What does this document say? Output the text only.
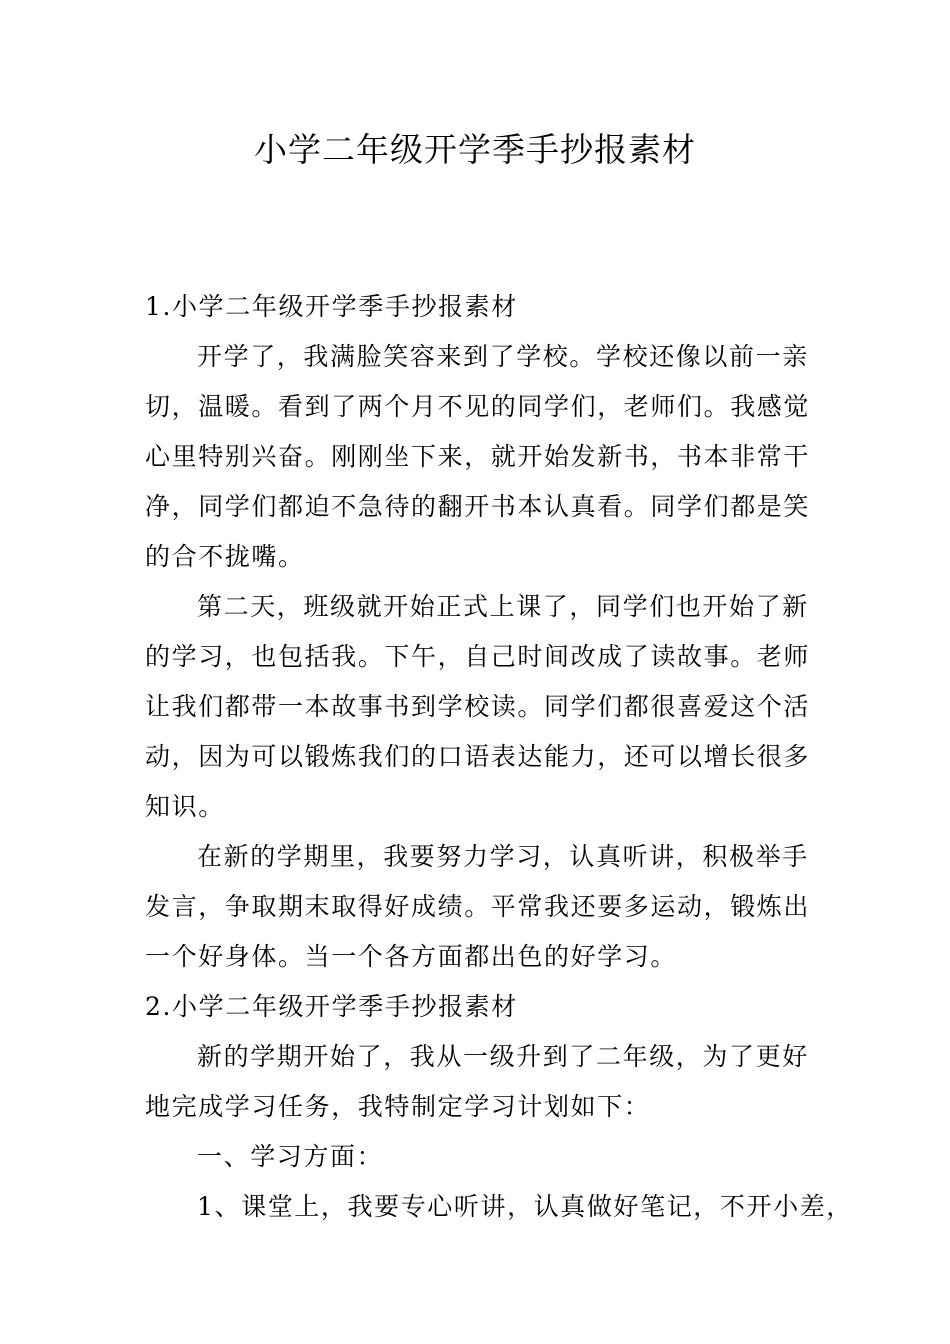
小学二年级开学季手抄报素材

1.小学二年级开学季手抄报素材

开学了，我满脸笑容来到了学校。学校还像以前一亲

切，温暖。看到了两个月不见的同学们，老师们。我感觉

心里特别兴奋。刚刚坐下来，就开始发新书，书本非常干

净，同学们都迫不急待的翻开书本认真看。同学们都是笑

的合不拢嘴。

第二天，班级就开始正式上课了，同学们也开始了新

的学习，也包括我。下午，自己时间改成了读故事。老师

让我们都带一本故事书到学校读。同学们都很喜爱这个活

动，因为可以锻炼我们的口语表达能力，还可以增长很多

知识。

在新的学期里，我要努力学习，认真听讲，积极举手

发言，争取期末取得好成绩。平常我还要多运动，锻炼出

一个好身体。当一个各方面都出色的好学习。

2.小学二年级开学季手抄报素材

新的学期开始了，我从一级升到了二年级，为了更好

地完成学习任务，我特制定学习计划如下：

一、学习方面：

1、课堂上，我要专心听讲，认真做好笔记，不开小差，
